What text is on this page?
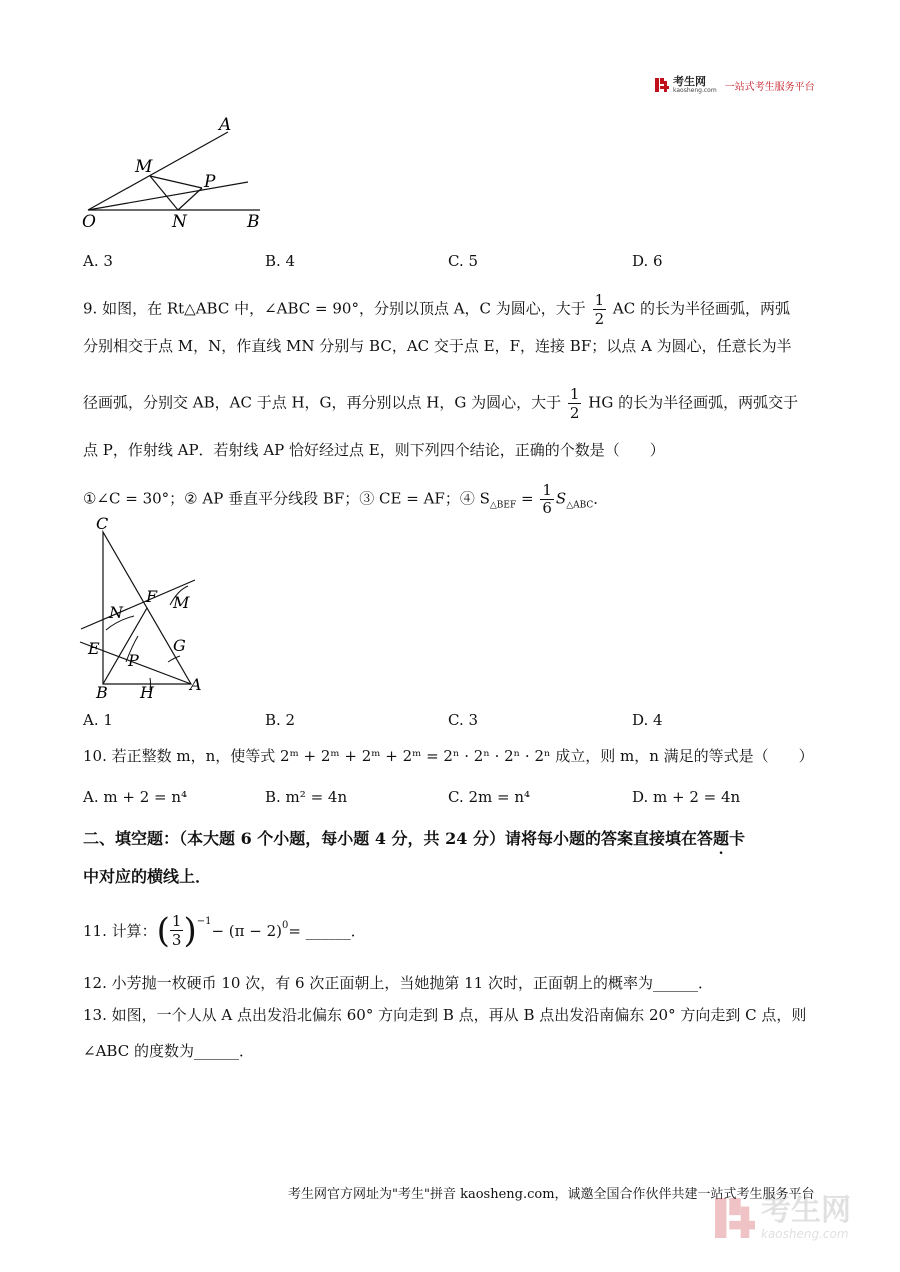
考生网
kaosheng.com 一站式考生服务平台
A
M
P
O	N	B
A. 3	B. 4	C. 5	D. 6
9. 如图，在 Rt△ABC 中，∠ABC = 90°，分别以顶点 A，C 为圆心，大于 $\frac{1}{2}$ AC 的长为半径画弧，两弧
分别相交于点 M，N，作直线 MN 分别与 BC，AC 交于点 E，F，连接 BF；以点 A 为圆心，任意长为半
径画弧，分别交 AB，AC 于点 H，G，再分别以点 H，G 为圆心，大于 $\frac{1}{2}$ HG 的长为半径画弧，两弧交于
点 P，作射线 AP．若射线 AP 恰好经过点 E，则下列四个结论，正确的个数是（　　）
①∠C = 30°；② AP 垂直平分线段 BF；③ CE = AF；④ $S_{\triangle BEF} = \frac{1}{6} S_{\triangle ABC}$．
C
F M
N
E	G
P
B H A
A. 1	B. 2	C. 3	D. 4
10. 若正整数 m，n，使等式 2ᵐ + 2ᵐ + 2ᵐ + 2ᵐ = 2ⁿ · 2ⁿ · 2ⁿ · 2ⁿ 成立，则 m，n 满足的等式是（　　）
A. m + 2 = n⁴	B. m² = 4n	C. 2m = n⁴	D. m + 2 = 4n
二、填空题：（本大题 6 个小题，每小题 4 分，共 24 分）请将每小题的答案直接填在答题卡
中对应的横线上．
11. 计算： ( $\frac{1}{3} )^{-1} - (\pi - 2)^0$ = ______．
12. 小芳抛一枚硬币 10 次，有 6 次正面朝上，当她抛第 11 次时，正面朝上的概率为______．
13. 如图，一个人从 A 点出发沿北偏东 60° 方向走到 B 点，再从 B 点出发沿南偏东 20° 方向走到 C 点，则
∠ABC 的度数为______．
考生网官方网址为"考生"拼音 kaosheng.com，诚邀全国合作伙伴共建一站式考生服务平台
考生网
kaosheng.com
